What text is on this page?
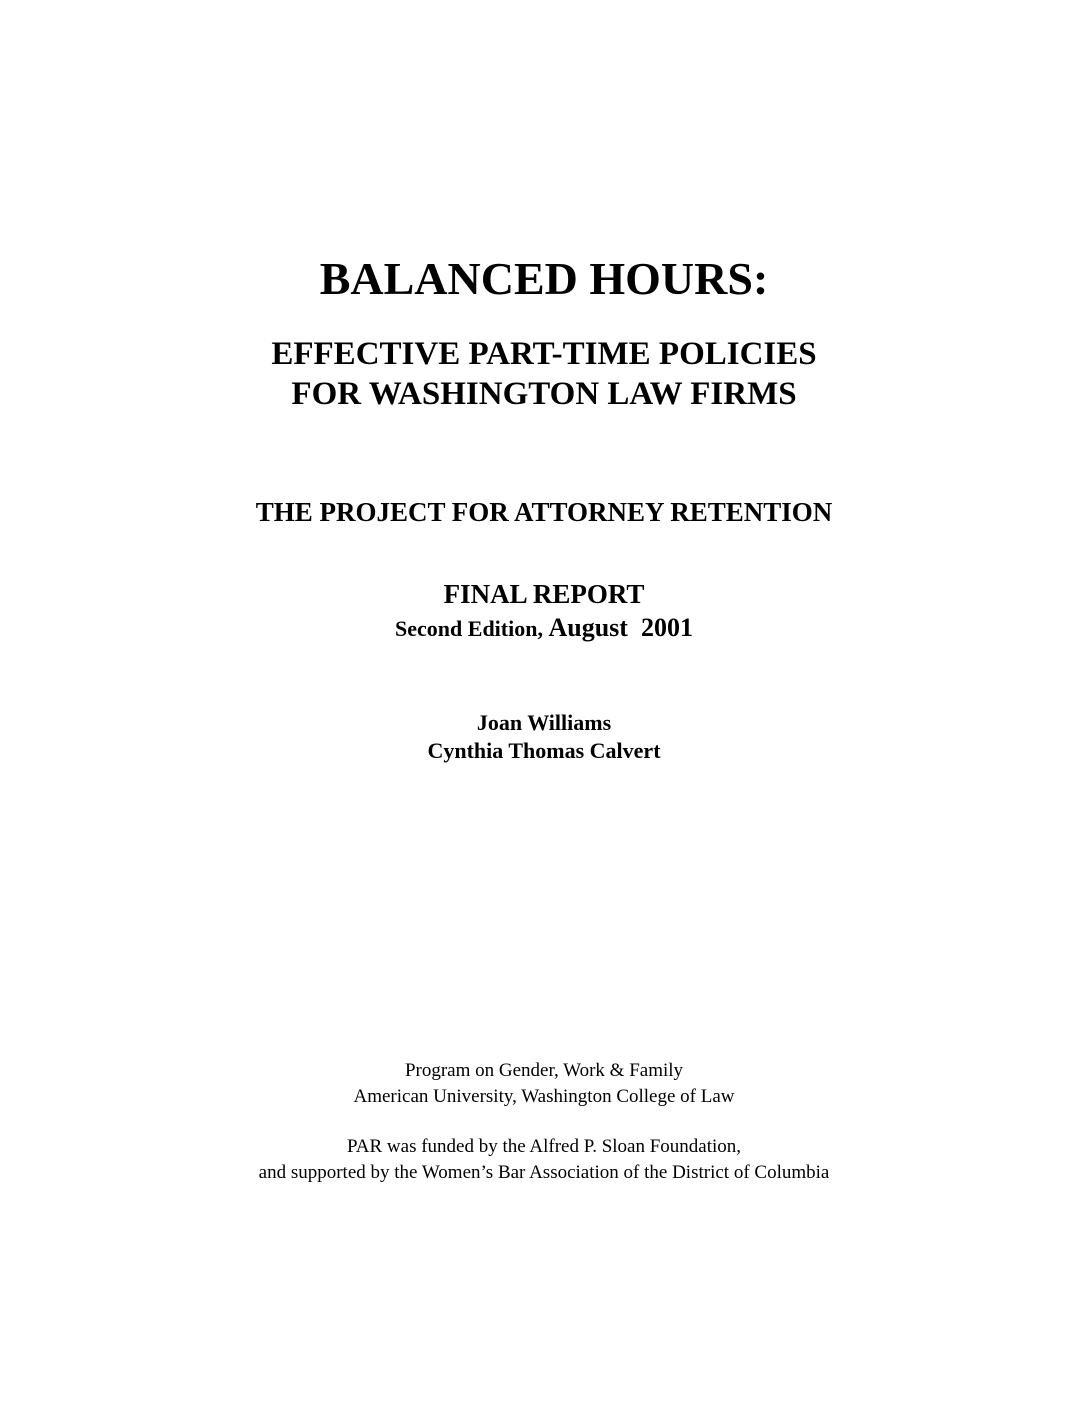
BALANCED HOURS:
EFFECTIVE PART-TIME POLICIES
FOR WASHINGTON LAW FIRMS
THE PROJECT FOR ATTORNEY RETENTION
FINAL REPORT
Second Edition, August  2001
Joan Williams
Cynthia Thomas Calvert
Program on Gender, Work & Family
American University, Washington College of Law
PAR was funded by the Alfred P. Sloan Foundation,
and supported by the Women’s Bar Association of the District of Columbia
